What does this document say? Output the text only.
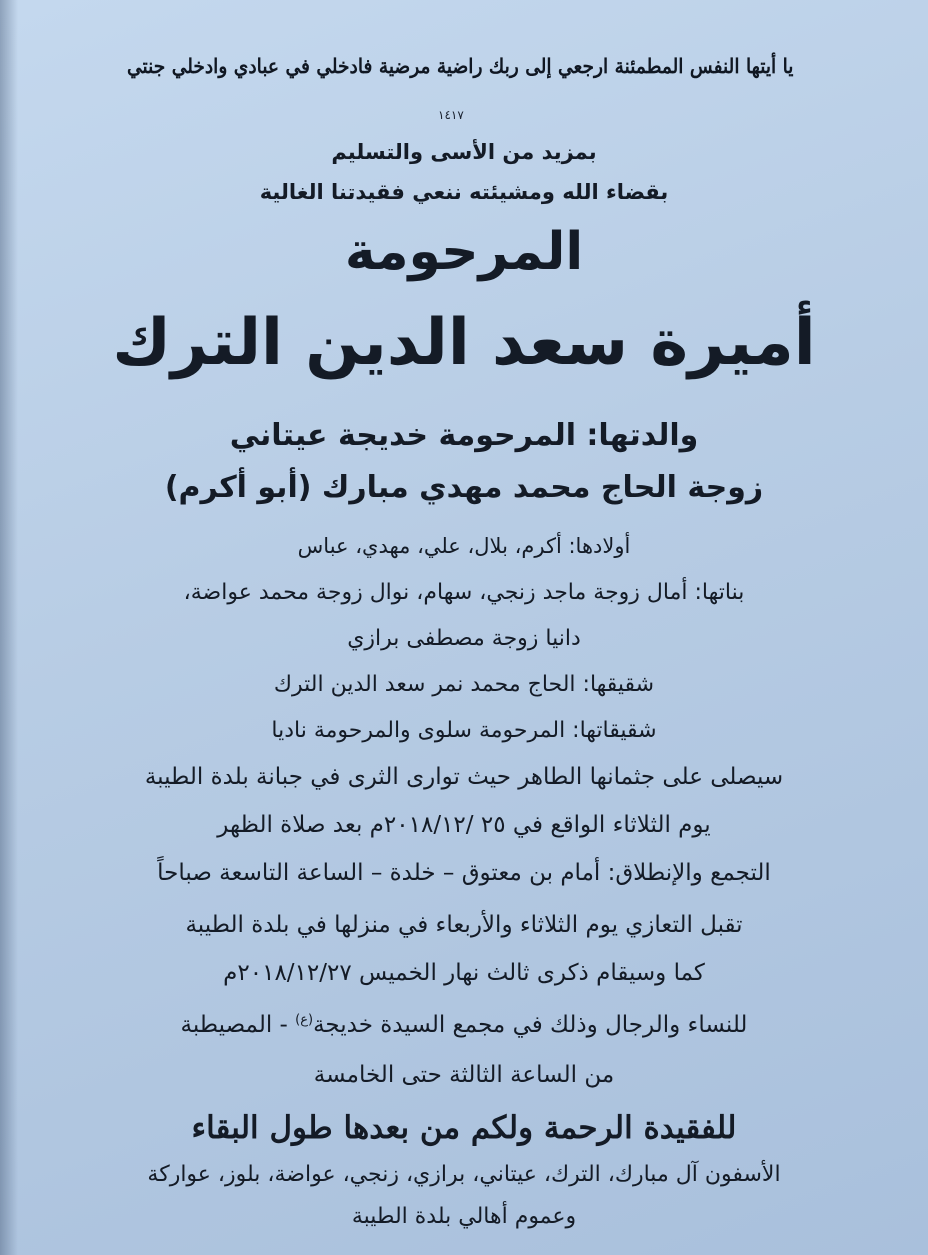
يا أيتها النفس المطمئنة ارجعي إلى ربك راضية مرضية فادخلي في عبادي وادخلي جنتي
١٤١٧
بمزيد من الأسى والتسليم
بقضاء الله ومشيئته ننعي فقيدتنا الغالية
المرحومة
أميرة سعد الدين الترك
والدتها: المرحومة خديجة عيتاني
زوجة الحاج محمد مهدي مبارك (أبو أكرم)
أولادها: أكرم، بلال، علي، مهدي، عباس
بناتها: أمال زوجة ماجد زنجي، سهام، نوال زوجة محمد عواضة،
دانيا زوجة مصطفى برازي
شقيقها: الحاج محمد نمر سعد الدين الترك
شقيقاتها: المرحومة سلوى والمرحومة ناديا
سيصلى على جثمانها الطاهر حيث توارى الثرى في جبانة بلدة الطيبة
يوم الثلاثاء الواقع في ٢٥ /٢٠١٨/١٢م بعد صلاة الظهر
التجمع والإنطلاق: أمام بن معتوق – خلدة – الساعة التاسعة صباحاً
تقبل التعازي يوم الثلاثاء والأربعاء في منزلها في بلدة الطيبة
كما وسيقام ذكرى ثالث نهار الخميس ٢٠١٨/١٢/٢٧م
للنساء والرجال وذلك في مجمع السيدة خديجة$^{(ع)}$ - المصيطبة
من الساعة الثالثة حتى الخامسة
للفقيدة الرحمة ولكم من بعدها طول البقاء
الأسفون آل مبارك، الترك، عيتاني، برازي، زنجي، عواضة، بلوز، عواركة
وعموم أهالي بلدة الطيبة
